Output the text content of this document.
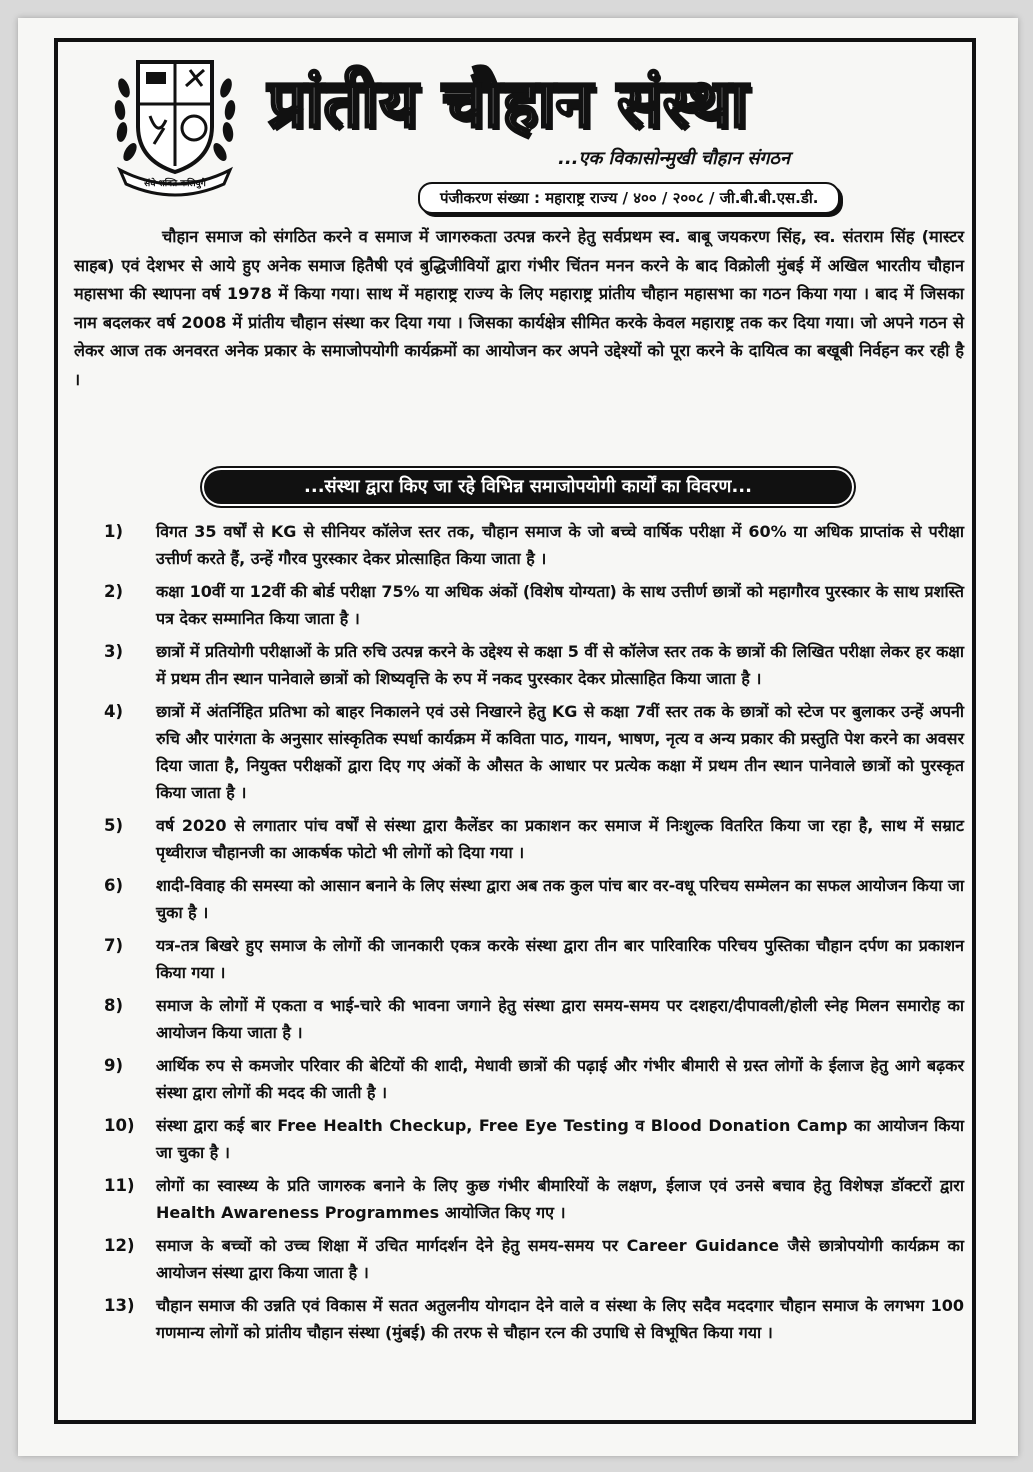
संघे शक्ति कलियुगे
प्रांतीय चौहान संस्था
...एक विकासोन्मुखी चौहान संगठन
पंजीकरण संख्या : महाराष्ट्र राज्य / ४०० / २००८ / जी.बी.बी.एस.डी.
चौहान समाज को संगठित करने व समाज में जागरुकता उत्पन्न करने हेतु सर्वप्रथम स्व. बाबू जयकरण सिंह, स्व. संतराम सिंह (मास्टर साहब) एवं देशभर से आये हुए अनेक समाज हितैषी एवं बुद्धिजीवियों द्वारा गंभीर चिंतन मनन करने के बाद विक्रोली मुंबई में अखिल भारतीय चौहान महासभा की स्थापना वर्ष 1978 में किया गया। साथ में महाराष्ट्र राज्य के लिए महाराष्ट्र प्रांतीय चौहान महासभा का गठन किया गया । बाद में जिसका नाम बदलकर वर्ष 2008 में प्रांतीय चौहान संस्था कर दिया गया । जिसका कार्यक्षेत्र सीमित करके केवल महाराष्ट्र तक कर दिया गया। जो अपने गठन से लेकर आज तक अनवरत अनेक प्रकार के समाजोपयोगी कार्यक्रमों का आयोजन कर अपने उद्देश्यों को पूरा करने के दायित्व का बखूबी निर्वहन कर रही है ।
...संस्था द्वारा किए जा रहे विभिन्न समाजोपयोगी कार्यों का विवरण...
1)	विगत 35 वर्षों से KG से सीनियर कॉलेज स्तर तक, चौहान समाज के जो बच्चे वार्षिक परीक्षा में 60% या अधिक प्राप्तांक से परीक्षा उत्तीर्ण करते हैं, उन्हें गौरव पुरस्कार देकर प्रोत्साहित किया जाता है ।
2)	कक्षा 10वीं या 12वीं की बोर्ड परीक्षा 75% या अधिक अंकों (विशेष योग्यता) के साथ उत्तीर्ण छात्रों को महागौरव पुरस्कार के साथ प्रशस्ति पत्र देकर सम्मानित किया जाता है ।
3)	छात्रों में प्रतियोगी परीक्षाओं के प्रति रुचि उत्पन्न करने के उद्देश्य से कक्षा 5 वीं से कॉलेज स्तर तक के छात्रों की लिखित परीक्षा लेकर हर कक्षा में प्रथम तीन स्थान पानेवाले छात्रों को शिष्यवृत्ति के रुप में नकद पुरस्कार देकर प्रोत्साहित किया जाता है ।
4)	छात्रों में अंतर्निहित प्रतिभा को बाहर निकालने एवं उसे निखारने हेतु KG से कक्षा 7वीं स्तर तक के छात्रों को स्टेज पर बुलाकर उन्हें अपनी रुचि और पारंगता के अनुसार सांस्कृतिक स्पर्धा कार्यक्रम में कविता पाठ, गायन, भाषण, नृत्य व अन्य प्रकार की प्रस्तुति पेश करने का अवसर दिया जाता है, नियुक्त परीक्षकों द्वारा दिए गए अंकों के औसत के आधार पर प्रत्येक कक्षा में प्रथम तीन स्थान पानेवाले छात्रों को पुरस्कृत किया जाता है ।
5)	वर्ष 2020 से लगातार पांच वर्षों से संस्था द्वारा कैलेंडर का प्रकाशन कर समाज में निःशुल्क वितरित किया जा रहा है, साथ में सम्राट पृथ्वीराज चौहानजी का आकर्षक फोटो भी लोगों को दिया गया ।
6)	शादी-विवाह की समस्या को आसान बनाने के लिए संस्था द्वारा अब तक कुल पांच बार वर-वधू परिचय सम्मेलन का सफल आयोजन किया जा चुका है ।
7)	यत्र-तत्र बिखरे हुए समाज के लोगों की जानकारी एकत्र करके संस्था द्वारा तीन बार पारिवारिक परिचय पुस्तिका चौहान दर्पण का प्रकाशन किया गया ।
8)	समाज के लोगों में एकता व भाई-चारे की भावना जगाने हेतु संस्था द्वारा समय-समय पर दशहरा/दीपावली/होली स्नेह मिलन समारोह का आयोजन किया जाता है ।
9)	आर्थिक रुप से कमजोर परिवार की बेटियों की शादी, मेधावी छात्रों की पढ़ाई और गंभीर बीमारी से ग्रस्त लोगों के ईलाज हेतु आगे बढ़कर संस्था द्वारा लोगों की मदद की जाती है ।
10)	संस्था द्वारा कई बार Free Health Checkup, Free Eye Testing व Blood Donation Camp का आयोजन किया जा चुका है ।
11)	लोगों का स्वास्थ्य के प्रति जागरुक बनाने के लिए कुछ गंभीर बीमारियों के लक्षण, ईलाज एवं उनसे बचाव हेतु विशेषज्ञ डॉक्टरों द्वारा Health Awareness Programmes आयोजित किए गए ।
12)	समाज के बच्चों को उच्च शिक्षा में उचित मार्गदर्शन देने हेतु समय-समय पर Career Guidance जैसे छात्रोपयोगी कार्यक्रम का आयोजन संस्था द्वारा किया जाता है ।
13)	चौहान समाज की उन्नति एवं विकास में सतत अतुलनीय योगदान देने वाले व संस्था के लिए सदैव मददगार चौहान समाज के लगभग 100 गणमान्य लोगों को प्रांतीय चौहान संस्था (मुंबई) की तरफ से चौहान रत्न की उपाधि से विभूषित किया गया ।
